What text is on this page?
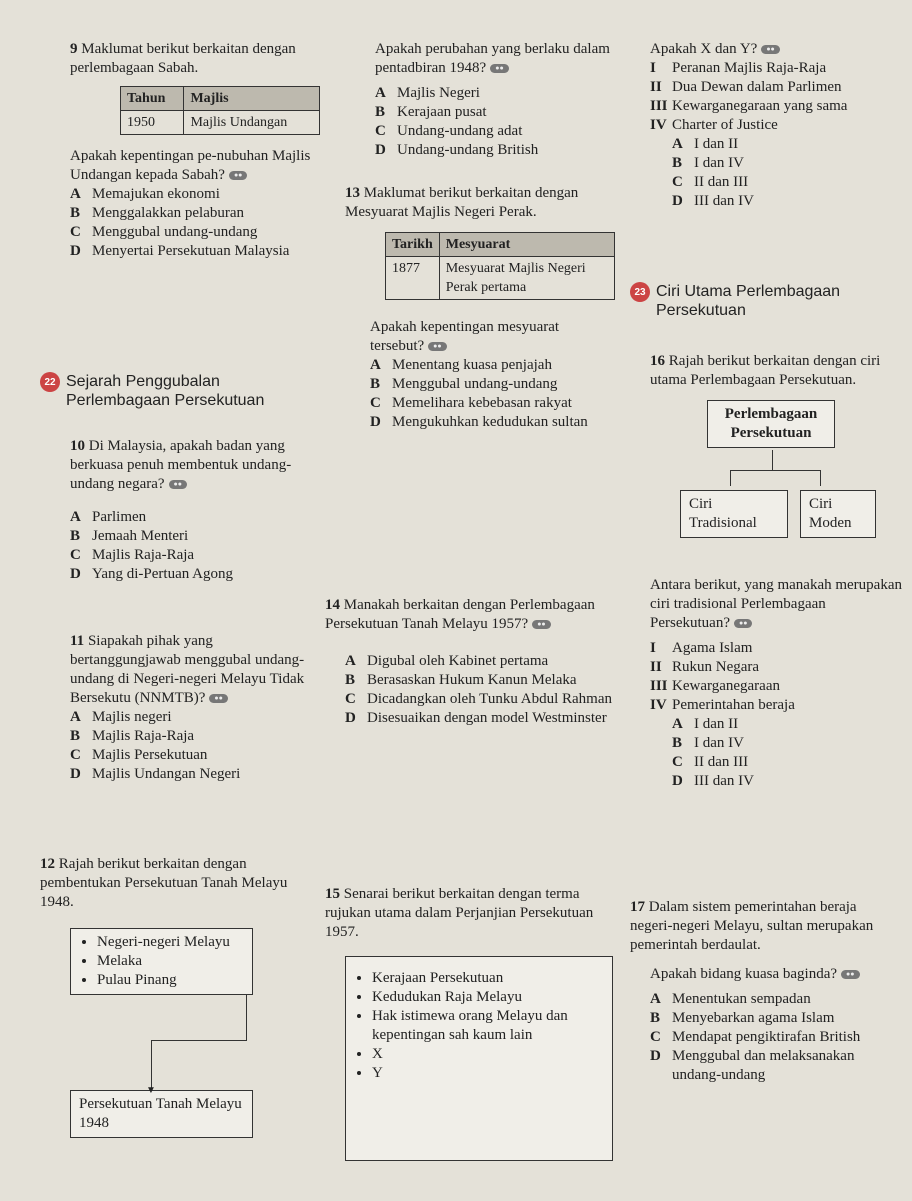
9 Maklumat berikut berkaitan dengan perlembagaan Sabah.

Tahun	Majlis
1950	Majlis Undangan

Apakah kepentingan pe-nubuhan Majlis Undangan kepada Sabah? ●●

A Memajukan ekonomi
B Menggalakkan pelaburan
C Menggubal undang-undang
D Menyertai Persekutuan Malaysia
22 Sejarah Penggubalan Perlembagaan Persekutuan

10 Di Malaysia, apakah badan yang berkuasa penuh membentuk undang-undang negara? ●●

A Parlimen
B Jemaah Menteri
C Majlis Raja-Raja
D Yang di-Pertuan Agong

11 Siapakah pihak yang bertanggungjawab menggubal undang-undang di Negeri-negeri Melayu Tidak Bersekutu (NNMTB)? ●●

A Majlis negeri
B Majlis Raja-Raja
C Majlis Persekutuan
D Majlis Undangan Negeri

12 Rajah berikut berkaitan dengan pembentukan Persekutuan Tanah Melayu 1948.

• Negeri-negeri Melayu
• Melaka
• Pulau Pinang
▼
Persekutuan Tanah Melayu 1948

Apakah perubahan yang berlaku dalam pentadbiran 1948? ●●

A Majlis Negeri
B Kerajaan pusat
C Undang-undang adat
D Undang-undang British

13 Maklumat berikut berkaitan dengan Mesyuarat Majlis Negeri Perak.

Tarikh	Mesyuarat
1877	Mesyuarat Majlis Negeri Perak pertama

Apakah kepentingan mesyuarat tersebut? ●●

A Menentang kuasa penjajah
B Menggubal undang-undang
C Memelihara kebebasan rakyat
D Mengukuhkan kedudukan sultan

14 Manakah berkaitan dengan Perlembagaan Persekutuan Tanah Melayu 1957? ●●

A Digubal oleh Kabinet pertama
B Berasaskan Hukum Kanun Melaka
C Dicadangkan oleh Tunku Abdul Rahman
D Disesuaikan dengan model Westminster

15 Senarai berikut berkaitan dengan terma rujukan utama dalam Perjanjian Persekutuan 1957.

• Kerajaan Persekutuan
• Kedudukan Raja Melayu
• Hak istimewa orang Melayu dan kepentingan sah kaum lain
• X
• Y

Apakah X dan Y? ●●

I	Peranan Majlis Raja-Raja
II Dua Dewan dalam Parlimen
III Kewarganegaraan yang sama
IV Charter of Justice
A I dan II
B I dan IV
C II dan III
D III dan IV
23 Ciri Utama Perlembagaan Persekutuan

16 Rajah berikut berkaitan dengan ciri utama Perlembagaan Persekutuan.

Perlembagaan Persekutuan
Ciri Tradisional
Ciri Moden

Antara berikut, yang manakah merupakan ciri tradisional Perlembagaan Persekutuan? ●●

I	Agama Islam
II Rukun Negara
III Kewarganegaraan
IV Pemerintahan beraja
A I dan II
B I dan IV
C II dan III
D III dan IV

17 Dalam sistem pemerintahan beraja negeri-negeri Melayu, sultan merupakan pemerintah berdaulat.

Apakah bidang kuasa baginda? ●●

A Menentukan sempadan
B Menyebarkan agama Islam
C Mendapat pengiktirafan British
D Menggubal dan melaksanakan undang-undang
